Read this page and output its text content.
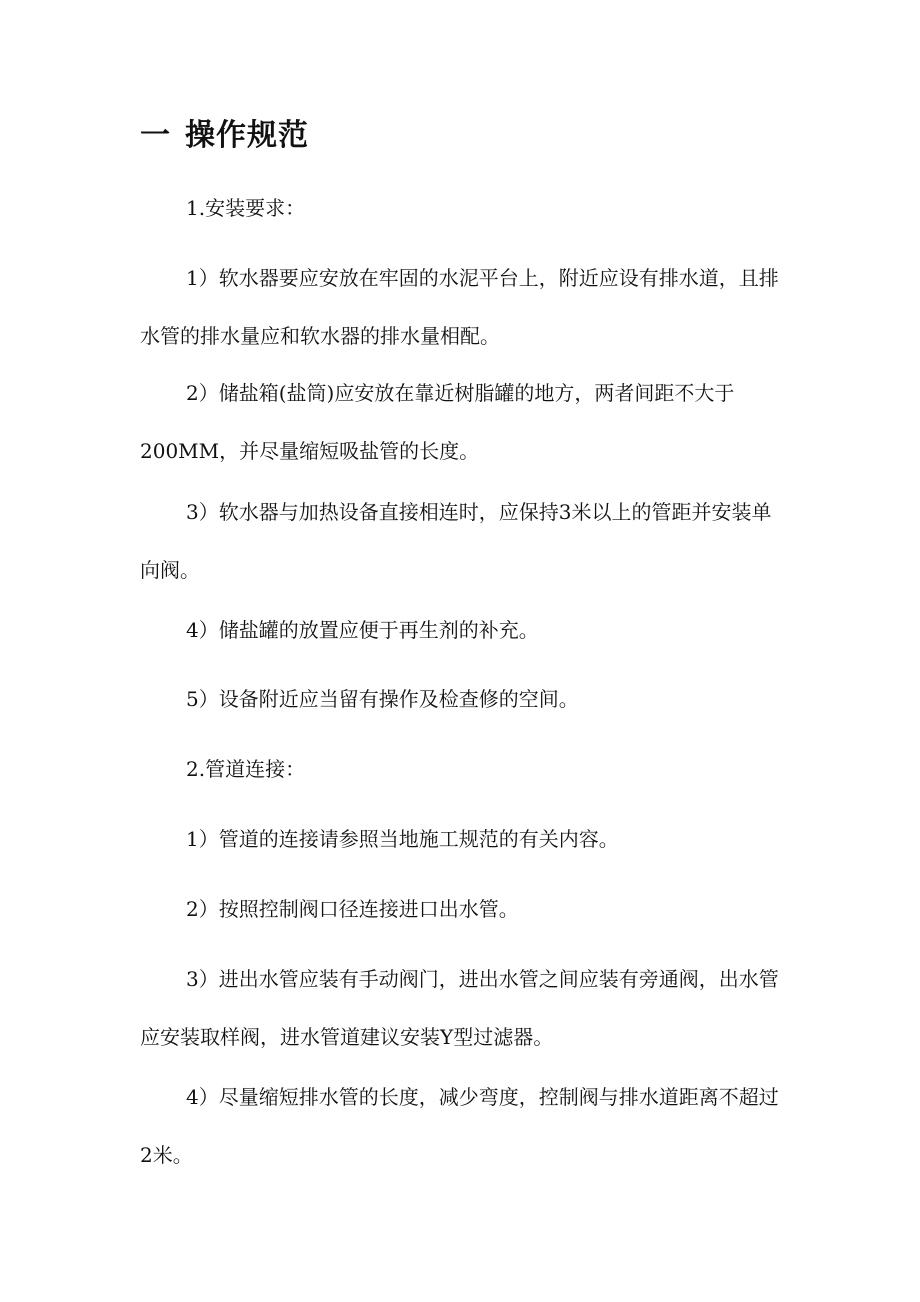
一 操作规范

1.安装要求：

1）软水器要应安放在牢固的水泥平台上，附近应设有排水道，且排水管的排水量应和软水器的排水量相配。

2）储盐箱(盐筒)应安放在靠近树脂罐的地方，两者间距不大于200MM，并尽量缩短吸盐管的长度。

3）软水器与加热设备直接相连时，应保持3米以上的管距并安装单向阀。

4）储盐罐的放置应便于再生剂的补充。

5）设备附近应当留有操作及检查修的空间。

2.管道连接：

1）管道的连接请参照当地施工规范的有关内容。

2）按照控制阀口径连接进口出水管。

3）进出水管应装有手动阀门，进出水管之间应装有旁通阀，出水管应安装取样阀，进水管道建议安装Y型过滤器。

4）尽量缩短排水管的长度，减少弯度，控制阀与排水道距离不超过2米。
